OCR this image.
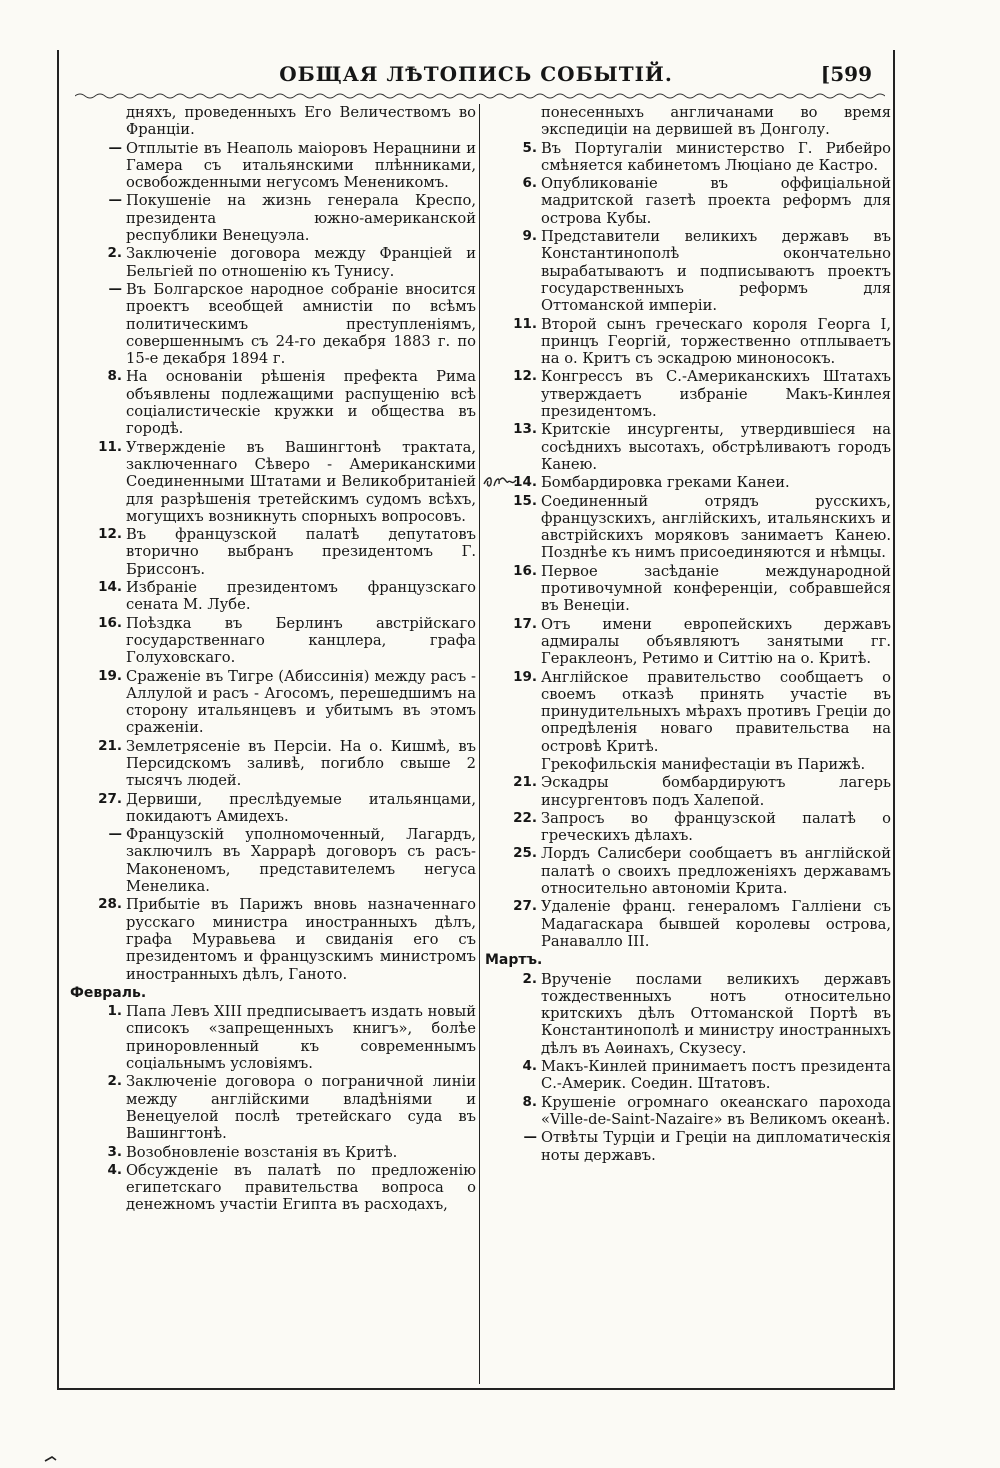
ОБЩАЯ ЛѢТОПИСЬ СОБЫТІЙ.	[599
дняхъ, проведенныхъ Его Величествомъ во Франціи.
— Отплытіе въ Неаполь маіоровъ Нерацнини и Гамера съ итальянскими плѣнниками, освобожденными негусомъ Мененикомъ.
— Покушеніе на жизнь генерала Креспо, президента южно-американской республики Венецуэла.
2. Заключеніе договора между Франціей и Бельгіей по отношенію къ Тунису.
— Въ Болгарское народное собраніе вносится проектъ всеобщей амнистіи по всѣмъ политическимъ преступленіямъ, совершеннымъ съ 24-го декабря 1883 г. по 15-е декабря 1894 г.
8. На основаніи рѣшенія префекта Рима объявлены подлежащими распущенію всѣ соціалистическіе кружки и общества въ городѣ.
11. Утвержденіе въ Вашингтонѣ трактата, заключеннаго Сѣверо - Американскими Соединенными Штатами и Великобританіей для разрѣшенія третейскимъ судомъ всѣхъ, могущихъ возникнуть спорныхъ вопросовъ.
12. Въ французской палатѣ депутатовъ вторично выбранъ президентомъ Г. Бриссонъ.
14. Избраніе президентомъ французскаго сената М. Лубе.
16. Поѣздка въ Берлинъ австрійскаго государственнаго канцлера, графа Голуховскаго.
19. Сраженіе въ Тигре (Абиссинія) между расъ - Аллулой и расъ - Агосомъ, перешедшимъ на сторону итальянцевъ и убитымъ въ этомъ сраженіи.
21. Землетрясеніе въ Персіи. На о. Кишмѣ, въ Персидскомъ заливѣ, погибло свыше 2 тысячъ людей.
27. Дервиши, преслѣдуемые итальянцами, покидаютъ Амидехъ.
— Французскій уполномоченный, Лагардъ, заключилъ въ Харрарѣ договоръ съ расъ-Маконеномъ, представителемъ негуса Менелика.
28. Прибытіе въ Парижъ вновь назначеннаго русскаго министра иностранныхъ дѣлъ, графа Муравьева и свиданія его съ президентомъ и французскимъ министромъ иностранныхъ дѣлъ, Ганото.
Февраль.
1. Папа Левъ XIII предписываетъ издать новый списокъ «запрещенныхъ книгъ», болѣе приноровленный къ современнымъ соціальнымъ условіямъ.
2. Заключеніе договора о пограничной линіи между англійскими владѣніями и Венецуелой послѣ третейскаго суда въ Вашингтонѣ.
3. Возобновленіе возстанія въ Критѣ.
4. Обсужденіе въ палатѣ по предложенію египетскаго правительства вопроса о денежномъ участіи Египта въ расходахъ,
понесенныхъ англичанами во время экспедиціи на дервишей въ Донголу.
5. Въ Португаліи министерство Г. Рибейро смѣняется кабинетомъ Люціано де Кастро.
6. Опубликованіе въ оффиціальной мадритской газетѣ проекта реформъ для острова Кубы.
9. Представители великихъ державъ въ Константинополѣ окончательно вырабатываютъ и подписываютъ проектъ государственныхъ реформъ для Оттоманской имперіи.
11. Второй сынъ греческаго короля Георга I, принцъ Георгій, торжественно отплываетъ на о. Критъ съ эскадрою миноносокъ.
12. Конгрессъ въ С.-Американскихъ Штатахъ утверждаетъ избраніе Макъ-Кинлея президентомъ.
13. Критскіе инсургенты, утвердившіеся на сосѣднихъ высотахъ, обстрѣливаютъ городъ Канею.
14. Бомбардировка греками Канеи.
15. Соединенный отрядъ русскихъ, французскихъ, англійскихъ, итальянскихъ и австрійскихъ моряковъ занимаетъ Канею. Позднѣе къ нимъ присоединяются и нѣмцы.
16. Первое засѣданіе международной противочумной конференціи, собравшейся въ Венеціи.
17. Отъ имени европейскихъ державъ адмиралы объявляютъ занятыми гг. Гераклеонъ, Ретимо и Ситтію на о. Критѣ.
19. Англійское правительство сообщаетъ о своемъ отказѣ принять участіе въ принудительныхъ мѣрахъ противъ Греціи до опредѣленія новаго правительства на островѣ Критѣ.
Грекофильскія манифестаціи въ Парижѣ.
21. Эскадры бомбардируютъ лагерь инсургентовъ подъ Халепой.
22. Запросъ во французской палатѣ о греческихъ дѣлахъ.
25. Лордъ Салисбери сообщаетъ въ англійской палатѣ о своихъ предложеніяхъ державамъ относительно автономіи Крита.
27. Удаленіе франц. генераломъ Галліени съ Мадагаскара бывшей королевы острова, Ранавалло III.
Мартъ.
2. Врученіе послами великихъ державъ тождественныхъ нотъ относительно критскихъ дѣлъ Оттоманской Портѣ въ Константинополѣ и министру иностранныхъ дѣлъ въ Аѳинахъ, Скузесу.
4. Макъ-Кинлей принимаетъ постъ президента С.-Америк. Соедин. Штатовъ.
8. Крушеніе огромнаго океанскаго парохода «Ville-de-Saint-Nazaire» въ Великомъ океанѣ.
— Отвѣты Турціи и Греціи на дипломатическія ноты державъ.
